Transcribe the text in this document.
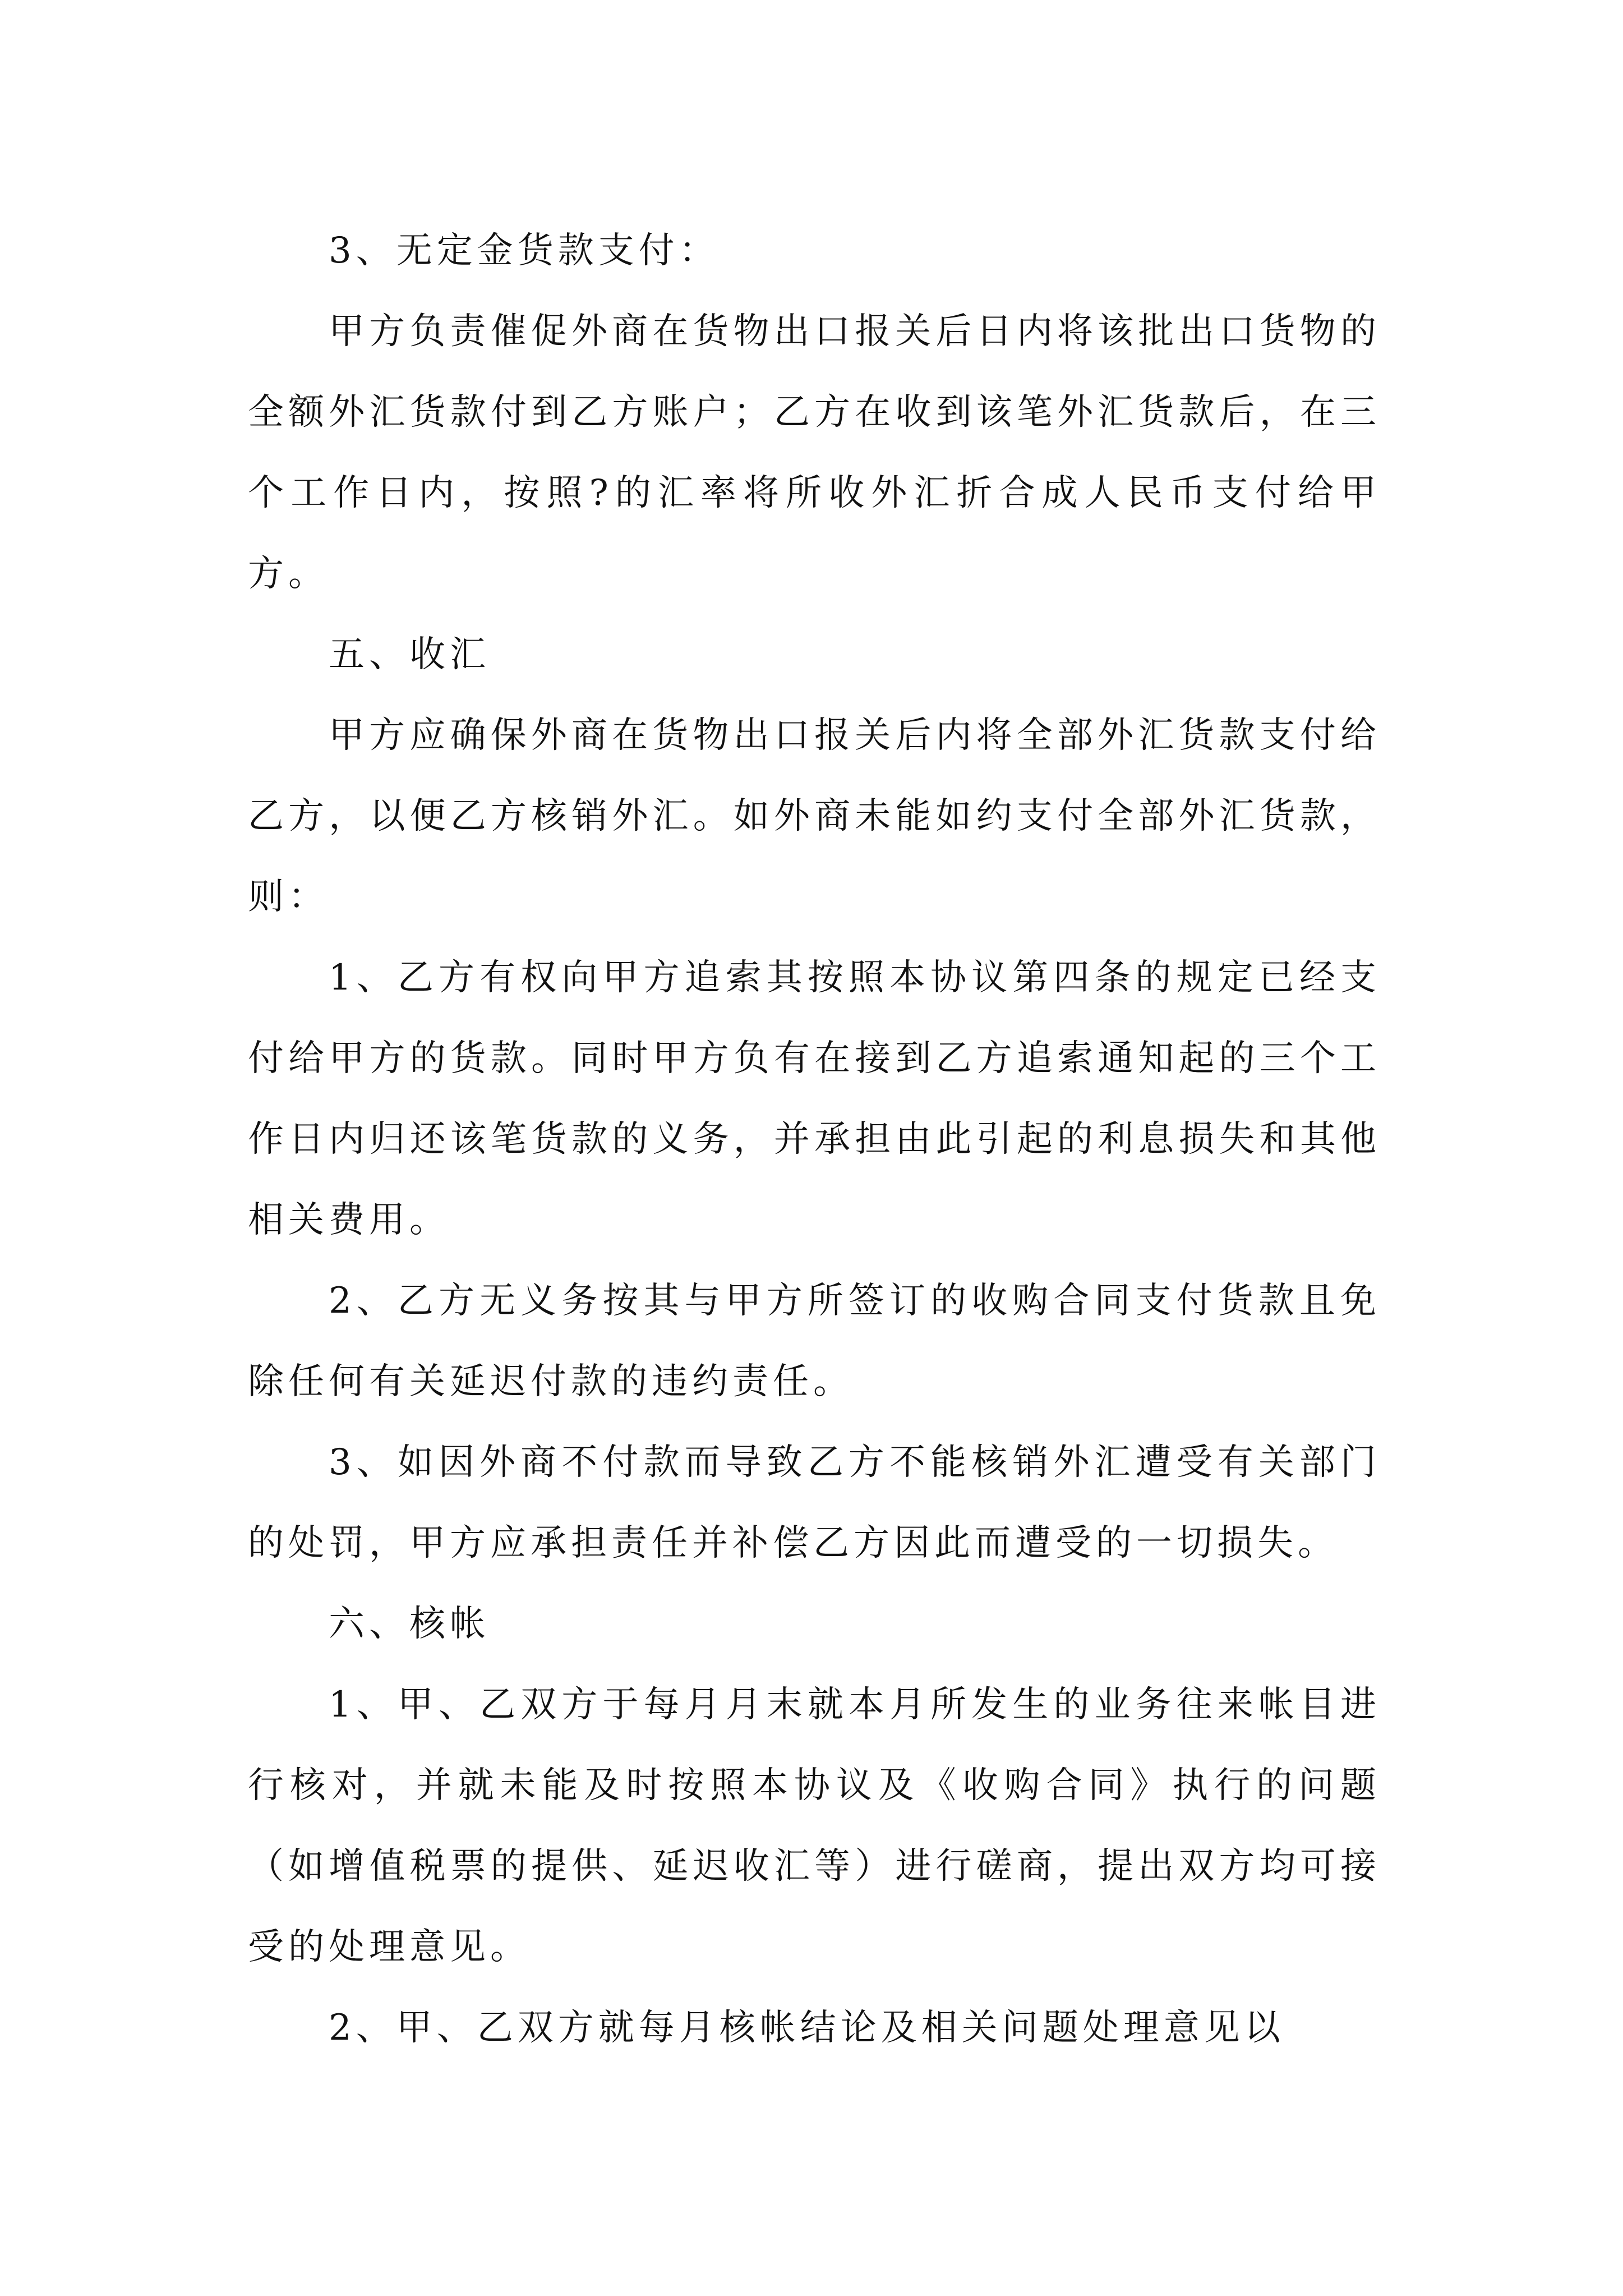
3、无定金货款支付：

甲方负责催促外商在货物出口报关后日内将该批出口货物的全额外汇货款付到乙方账户；乙方在收到该笔外汇货款后，在三个工作日内，按照?的汇率将所收外汇折合成人民币支付给甲方。

五、收汇

甲方应确保外商在货物出口报关后内将全部外汇货款支付给乙方，以便乙方核销外汇。如外商未能如约支付全部外汇货款，则：

1、乙方有权向甲方追索其按照本协议第四条的规定已经支付给甲方的货款。同时甲方负有在接到乙方追索通知起的三个工作日内归还该笔货款的义务，并承担由此引起的利息损失和其他相关费用。

2、乙方无义务按其与甲方所签订的收购合同支付货款且免除任何有关延迟付款的违约责任。

3、如因外商不付款而导致乙方不能核销外汇遭受有关部门的处罚，甲方应承担责任并补偿乙方因此而遭受的一切损失。

六、核帐

1、甲、乙双方于每月月末就本月所发生的业务往来帐目进行核对，并就未能及时按照本协议及《收购合同》执行的问题（如增值税票的提供、延迟收汇等）进行磋商，提出双方均可接受的处理意见。

2、甲、乙双方就每月核帐结论及相关问题处理意见以
